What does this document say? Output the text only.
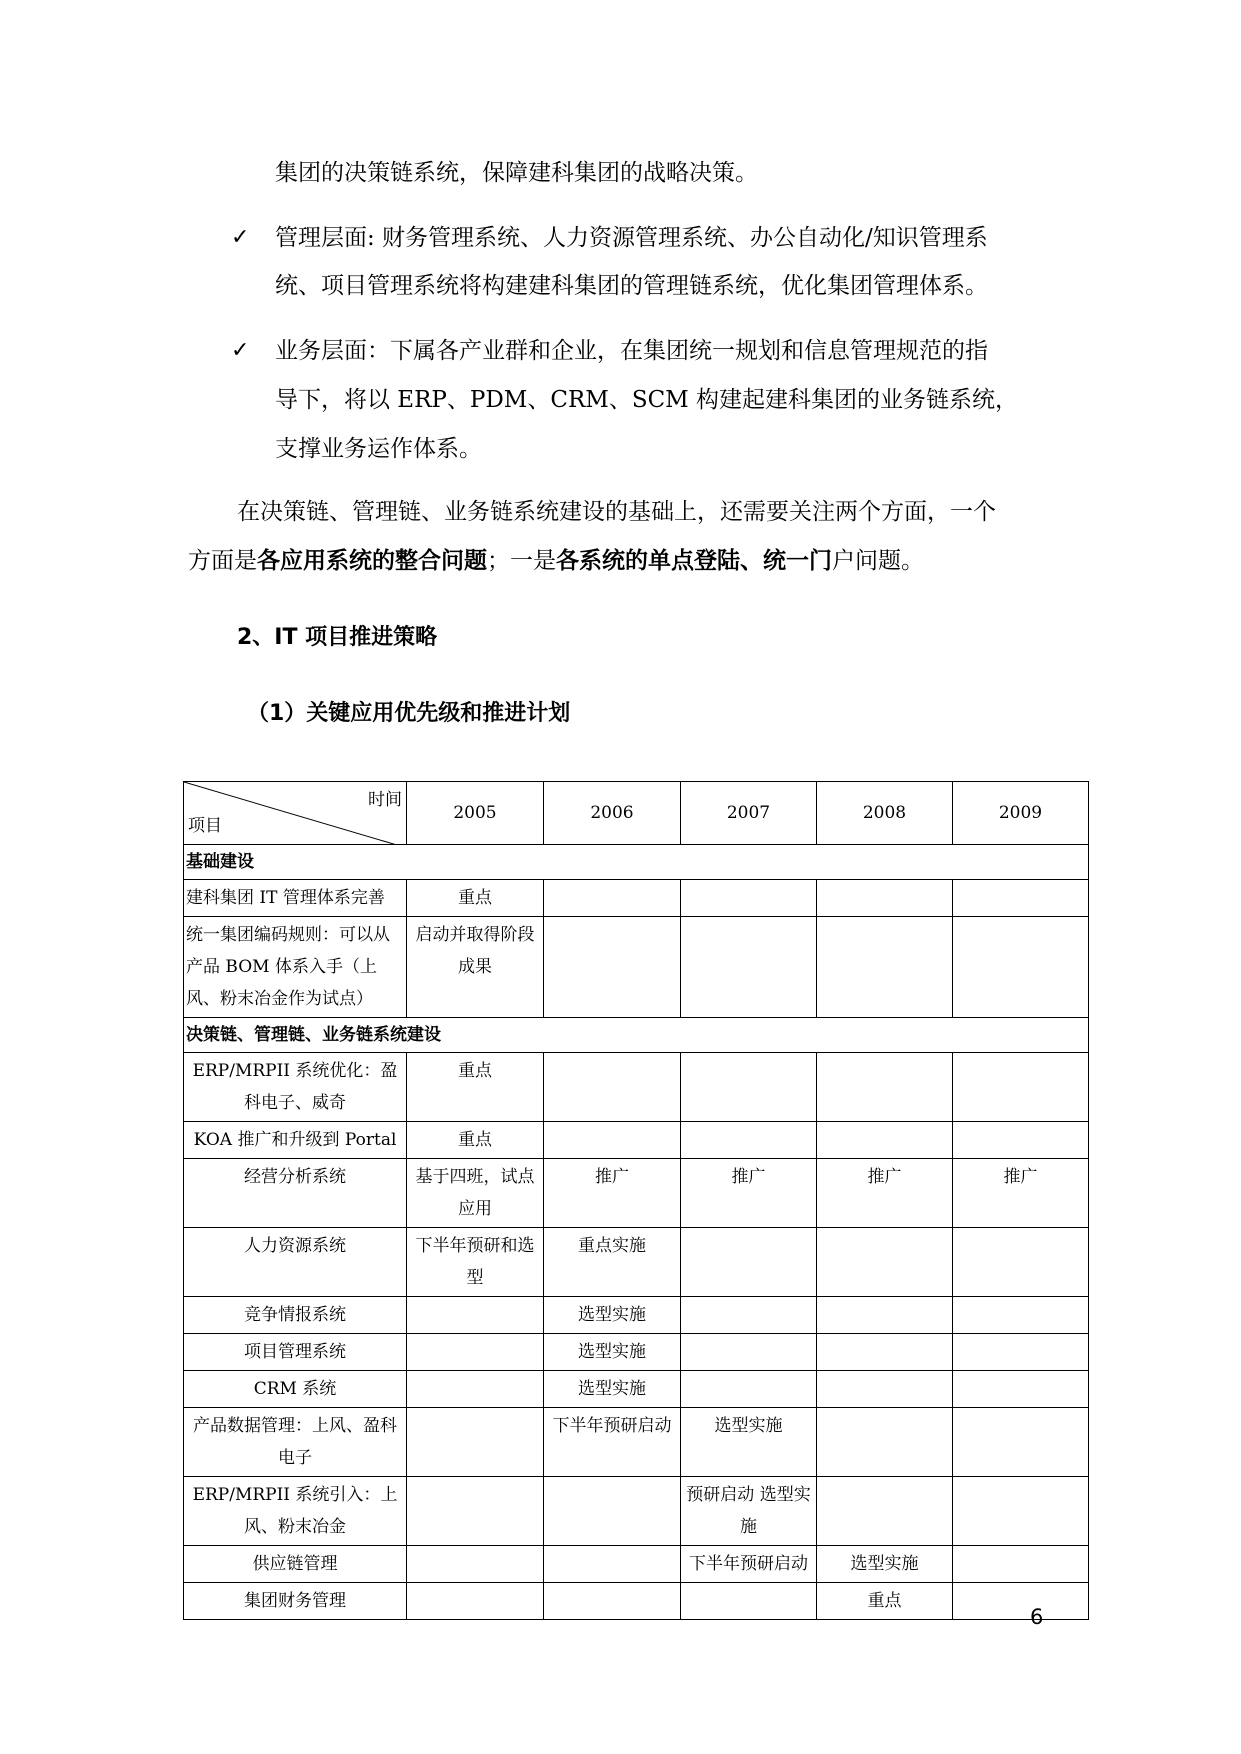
集团的决策链系统，保障建科集团的战略决策。
✓ 管理层面: 财务管理系统、人力资源管理系统、办公自动化/知识管理系
统、项目管理系统将构建建科集团的管理链系统，优化集团管理体系。
✓ 业务层面：下属各产业群和企业，在集团统一规划和信息管理规范的指
导下，将以 ERP、PDM、CRM、SCM 构建起建科集团的业务链系统，
支撑业务运作体系。
在决策链、管理链、业务链系统建设的基础上，还需要关注两个方面，一个
方面是各应用系统的整合问题；一是各系统的单点登陆、统一门户问题。
2、IT 项目推进策略
（1）关键应用优先级和推进计划
时间
项目	2005	2006	2007	2008	2009
基础建设					
建科集团 IT 管理体系完善	重点				
统一集团编码规则：可以从产品 BOM 体系入手（上风、粉末冶金作为试点）	启动并取得阶段成果				
决策链、管理链、业务链系统建设					
ERP/MRPII 系统优化：盈科电子、威奇	重点				
KOA 推广和升级到 Portal	重点				
经营分析系统	基于四班，试点应用	推广	推广	推广	推广
人力资源系统	下半年预研和选型	重点实施			
竞争情报系统		选型实施			
项目管理系统		选型实施			
CRM 系统		选型实施			
产品数据管理：上风、盈科电子		下半年预研启动	选型实施		
ERP/MRPII 系统引入：上风、粉末冶金			预研启动 选型实施		
供应链管理			下半年预研启动	选型实施	
集团财务管理				重点	
6
